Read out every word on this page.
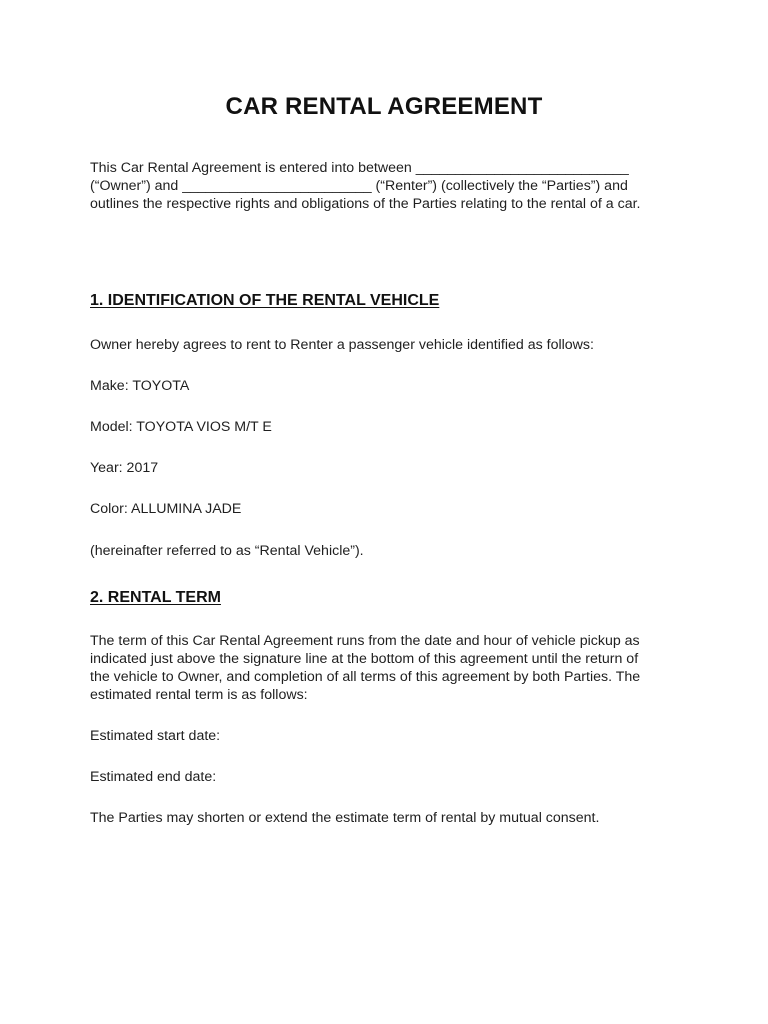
CAR RENTAL AGREEMENT

This Car Rental Agreement is entered into between ___________________________
(“Owner”) and ________________________ (“Renter”) (collectively the “Parties”) and
outlines the respective rights and obligations of the Parties relating to the rental of a car.

1. IDENTIFICATION OF THE RENTAL VEHICLE

Owner hereby agrees to rent to Renter a passenger vehicle identified as follows:

Make: TOYOTA

Model: TOYOTA VIOS M/T E

Year: 2017

Color: ALLUMINA JADE

(hereinafter referred to as “Rental Vehicle”).

2. RENTAL TERM

The term of this Car Rental Agreement runs from the date and hour of vehicle pickup as
indicated just above the signature line at the bottom of this agreement until the return of
the vehicle to Owner, and completion of all terms of this agreement by both Parties. The
estimated rental term is as follows:

Estimated start date:

Estimated end date:

The Parties may shorten or extend the estimate term of rental by mutual consent.
